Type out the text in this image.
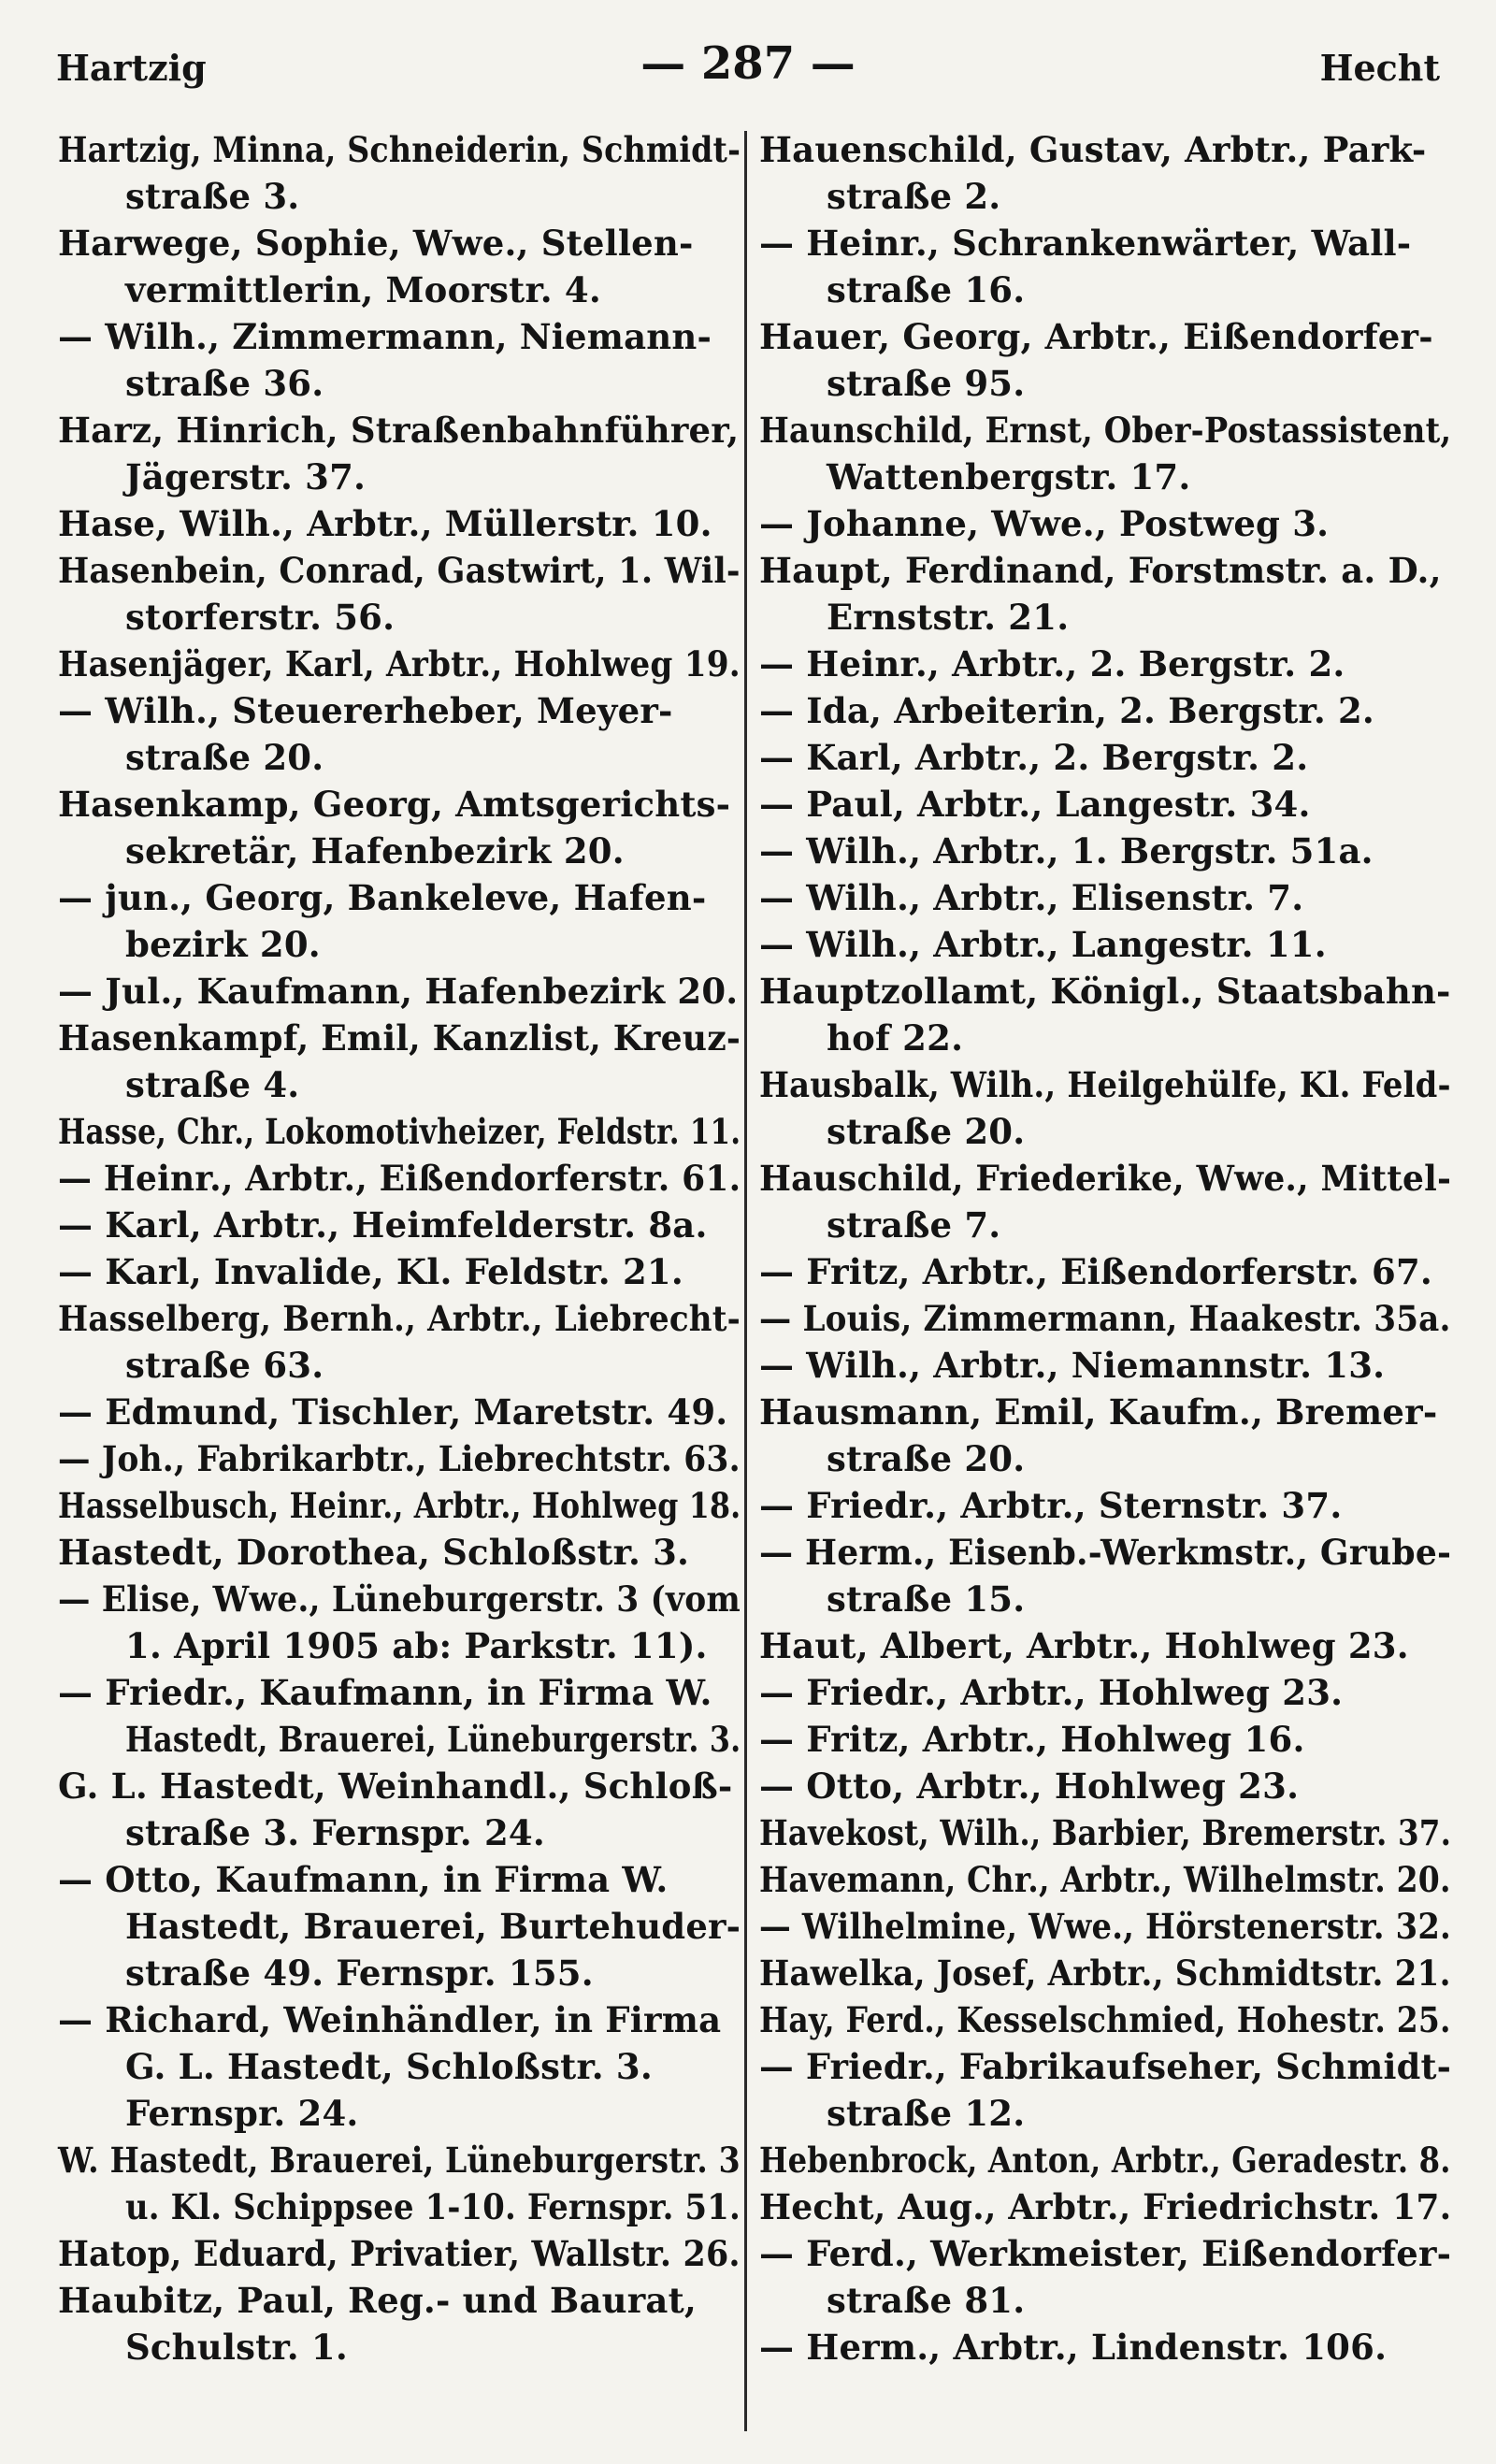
Hartzig	— 287 —	Hecht
Hartzig, Minna, Schneiderin, Schmidt-
straße 3.
Harwege, Sophie, Wwe., Stellen-
vermittlerin, Moorstr. 4.
— Wilh., Zimmermann, Niemann-
straße 36.
Harz, Hinrich, Straßenbahnführer,
Jägerstr. 37.
Hase, Wilh., Arbtr., Müllerstr. 10.
Hasenbein, Conrad, Gastwirt, 1. Wil-
storferstr. 56.
Hasenjäger, Karl, Arbtr., Hohlweg 19.
— Wilh., Steuererheber, Meyer-
straße 20.
Hasenkamp, Georg, Amtsgerichts-
sekretär, Hafenbezirk 20.
— jun., Georg, Bankeleve, Hafen-
bezirk 20.
— Jul., Kaufmann, Hafenbezirk 20.
Hasenkampf, Emil, Kanzlist, Kreuz-
straße 4.
Hasse, Chr., Lokomotivheizer, Feldstr. 11.
— Heinr., Arbtr., Eißendorferstr. 61.
— Karl, Arbtr., Heimfelderstr. 8a.
— Karl, Invalide, Kl. Feldstr. 21.
Hasselberg, Bernh., Arbtr., Liebrecht-
straße 63.
— Edmund, Tischler, Maretstr. 49.
— Joh., Fabrikarbtr., Liebrechtstr. 63.
Hasselbusch, Heinr., Arbtr., Hohlweg 18.
Hastedt, Dorothea, Schloßstr. 3.
— Elise, Wwe., Lüneburgerstr. 3 (vom
1. April 1905 ab: Parkstr. 11).
— Friedr., Kaufmann, in Firma W.
Hastedt, Brauerei, Lüneburgerstr. 3.
G. L. Hastedt, Weinhandl., Schloß-
straße 3. Fernspr. 24.
— Otto, Kaufmann, in Firma W.
Hastedt, Brauerei, Burtehuder-
straße 49. Fernspr. 155.
— Richard, Weinhändler, in Firma
G. L. Hastedt, Schloßstr. 3.
Fernspr. 24.
W. Hastedt, Brauerei, Lüneburgerstr. 3
u. Kl. Schippsee 1-10. Fernspr. 51.
Hatop, Eduard, Privatier, Wallstr. 26.
Haubitz, Paul, Reg.- und Baurat,
Schulstr. 1.
Hauenschild, Gustav, Arbtr., Park-
straße 2.
— Heinr., Schrankenwärter, Wall-
straße 16.
Hauer, Georg, Arbtr., Eißendorfer-
straße 95.
Haunschild, Ernst, Ober-Postassistent,
Wattenbergstr. 17.
— Johanne, Wwe., Postweg 3.
Haupt, Ferdinand, Forstmstr. a. D.,
Ernststr. 21.
— Heinr., Arbtr., 2. Bergstr. 2.
— Ida, Arbeiterin, 2. Bergstr. 2.
— Karl, Arbtr., 2. Bergstr. 2.
— Paul, Arbtr., Langestr. 34.
— Wilh., Arbtr., 1. Bergstr. 51a.
— Wilh., Arbtr., Elisenstr. 7.
— Wilh., Arbtr., Langestr. 11.
Hauptzollamt, Königl., Staatsbahn-
hof 22.
Hausbalk, Wilh., Heilgehülfe, Kl. Feld-
straße 20.
Hauschild, Friederike, Wwe., Mittel-
straße 7.
— Fritz, Arbtr., Eißendorferstr. 67.
— Louis, Zimmermann, Haakestr. 35a.
— Wilh., Arbtr., Niemannstr. 13.
Hausmann, Emil, Kaufm., Bremer-
straße 20.
— Friedr., Arbtr., Sternstr. 37.
— Herm., Eisenb.-Werkmstr., Grube-
straße 15.
Haut, Albert, Arbtr., Hohlweg 23.
— Friedr., Arbtr., Hohlweg 23.
— Fritz, Arbtr., Hohlweg 16.
— Otto, Arbtr., Hohlweg 23.
Havekost, Wilh., Barbier, Bremerstr. 37.
Havemann, Chr., Arbtr., Wilhelmstr. 20.
— Wilhelmine, Wwe., Hörstenerstr. 32.
Hawelka, Josef, Arbtr., Schmidtstr. 21.
Hay, Ferd., Kesselschmied, Hohestr. 25.
— Friedr., Fabrikaufseher, Schmidt-
straße 12.
Hebenbrock, Anton, Arbtr., Geradestr. 8.
Hecht, Aug., Arbtr., Friedrichstr. 17.
— Ferd., Werkmeister, Eißendorfer-
straße 81.
— Herm., Arbtr., Lindenstr. 106.
